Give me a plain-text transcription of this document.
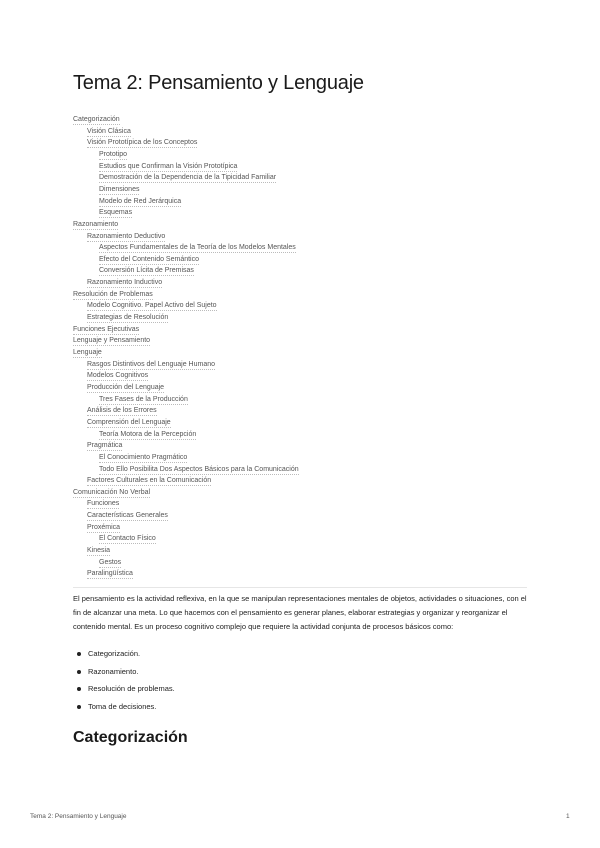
Tema 2: Pensamiento y Lenguaje
Categorización
Visión Clásica
Visión Prototípica de los Conceptos
Prototipo
Estudios que Confirman la Visión Prototípica
Demostración de la Dependencia de la Tipicidad Familiar
Dimensiones
Modelo de Red Jerárquica
Esquemas
Razonamiento
Razonamiento Deductivo
Aspectos Fundamentales de la Teoría de los Modelos Mentales
Efecto del Contenido Semántico
Conversión Lícita de Premisas
Razonamiento Inductivo
Resolución de Problemas
Modelo Cognitivo. Papel Activo del Sujeto
Estrategias de Resolución
Funciones Ejecutivas
Lenguaje y Pensamiento
Lenguaje
Rasgos Distintivos del Lenguaje Humano
Modelos Cognitivos
Producción del Lenguaje
Tres Fases de la Producción
Análisis de los Errores
Comprensión del Lenguaje
Teoría Motora de la Percepción
Pragmática
El Conocimiento Pragmático
Todo Ello Posibilita Dos Aspectos Básicos para la Comunicación
Factores Culturales en la Comunicación
Comunicación No Verbal
Funciones
Características Generales
Proxémica
El Contacto Físico
Kinesia
Gestos
Paralingüística

El pensamiento es la actividad reflexiva, en la que se manipulan representaciones mentales de objetos, actividades o situaciones, con el fin de alcanzar una meta. Lo que hacemos con el pensamiento es generar planes, elaborar estrategias y organizar y reorganizar el contenido mental. Es un proceso cognitivo complejo que requiere la actividad conjunta de procesos básicos como:

Categorización.
Razonamiento.
Resolución de problemas.
Toma de decisiones.
Categorización
Tema 2: Pensamiento y Lenguaje	1
